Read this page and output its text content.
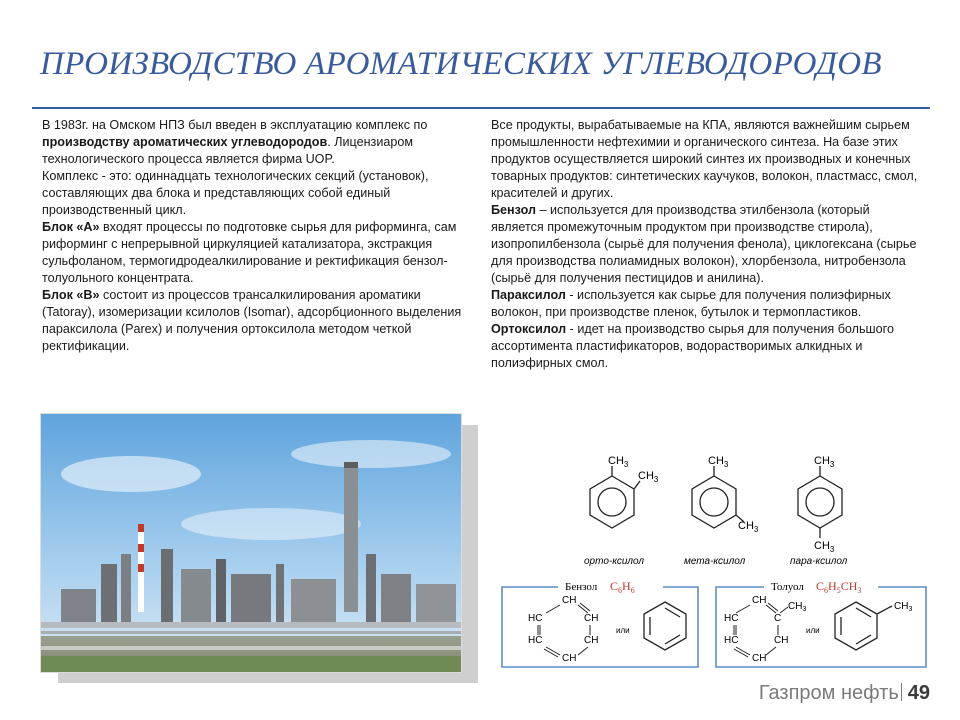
ПРОИЗВОДСТВО АРОМАТИЧЕСКИХ УГЛЕВОДОРОДОВ

В 1983г. на Омском НПЗ был введен в эксплуатацию комплекс по производству ароматических углеводородов. Лицензиаром технологического процесса является фирма UOP.

Комплекс - это: одиннадцать технологических секций (установок), составляющих два блока и представляющих собой единый производственный цикл.

Блок «А» входят процессы по подготовке сырья для риформинга, сам риформинг с непрерывной циркуляцией катализатора, экстракция сульфоланом, термогидродеалкилирование и ректификация бензол-толуольного концентрата.

Блок «В» состоит из процессов трансалкилирования ароматики (Tatoray), изомеризации ксилолов (Isomar), адсорбционного выделения параксилола (Parex) и получения ортоксилола методом четкой ректификации.

Все продукты, вырабатываемые на КПА, являются важнейшим сырьем промышленности нефтехимии и органического синтеза. На базе этих продуктов осуществляется широкий синтез их производных и конечных товарных продуктов: синтетических каучуков, волокон, пластмасс, смол, красителей и других.

Бензол – используется для производства этилбензола (который является промежуточным продуктом при производстве стирола), изопропилбензола (сырьё для получения фенола), циклогексана (сырье для производства полиамидных волокон), хлорбензола, нитробензола (сырьё для получения пестицидов и анилина).

Параксилол - используется как сырье для получения полиэфирных волокон, при производстве пленок, бутылок и термопластиков.

Ортоксилол - идет на производство сырья для получения большого ассортимента пластификаторов, водорастворимых алкидных и полиэфирных смол.

$CH_3$
$CH_3$
орто-ксилол
$CH_3$
$CH_3$
мета-ксилол
$CH_3$
$CH_3$
пара-ксилол
Бензол $C_6H_6$
CH
HC	CH
HC	CH
CH
или
Толуол $C_6H_5CH_3$
CH
HC	C
$CH_3$
HC	CH
CH
или
$CH_3$
Газпром нефть 49
